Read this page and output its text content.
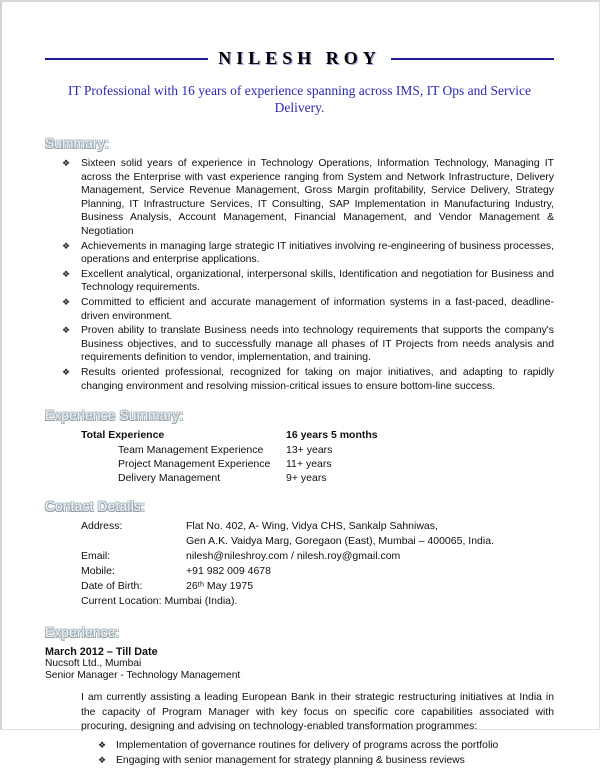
NILESH ROY
IT Professional with 16 years of experience spanning across IMS, IT Ops and Service Delivery.
Summary:
❖	Sixteen solid years of experience in Technology Operations, Information Technology, Managing IT across the Enterprise with vast experience ranging from System and Network Infrastructure, Delivery Management, Service Revenue Management, Gross Margin profitability, Service Delivery, Strategy Planning, IT Infrastructure Services, IT Consulting, SAP Implementation in Manufacturing Industry, Business Analysis, Account Management, Financial Management, and Vendor Management & Negotiation
❖	Achievements in managing large strategic IT initiatives involving re-engineering of business processes, operations and enterprise applications.
❖	Excellent analytical, organizational, interpersonal skills, Identification and negotiation for Business and Technology requirements.
❖	Committed to efficient and accurate management of information systems in a fast-paced, deadline-driven environment.
❖	Proven ability to translate Business needs into technology requirements that supports the company's Business objectives, and to successfully manage all phases of IT Projects from needs analysis and requirements definition to vendor, implementation, and training.
❖	Results oriented professional, recognized for taking on major initiatives, and adapting to rapidly changing environment and resolving mission-critical issues to ensure bottom-line success.
Experience Summary:
Total Experience	16 years 5 months
Team Management Experience	13+ years
Project Management Experience	11+ years
Delivery Management	9+ years
Contact Details:
Address:	Flat No. 402, A- Wing, Vidya CHS, Sankalp Sahniwas,
Gen A.K. Vaidya Marg, Goregaon (East), Mumbai – 400065, India.
Email:	nilesh@nileshroy.com / nilesh.roy@gmail.com
Mobile:	+91 982 009 4678
Date of Birth:	26ᵗʰ May 1975
Current Location: Mumbai (India).
Experience:
March 2012 – Till Date
Nucsoft Ltd., Mumbai
Senior Manager - Technology Management
I am currently assisting a leading European Bank in their strategic restructuring initiatives at India in the capacity of Program Manager with key focus on specific core capabilities associated with procuring, designing and advising on technology-enabled transformation programmes:
❖ Implementation of governance routines for delivery of programs across the portfolio
❖ Engaging with senior management for strategy planning & business reviews
